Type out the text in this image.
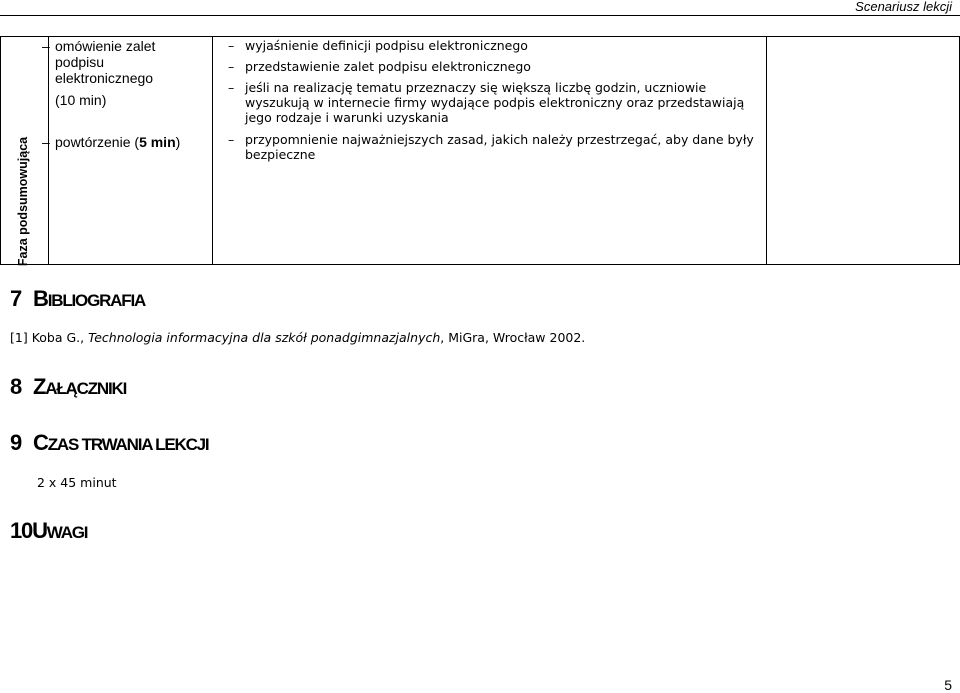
Scenariusz lekcji
Faza podsumowująca
– omówienie zalet podpisu elektronicznego
(10 min)
– wyjaśnienie definicji podpisu elektronicznego
– przedstawienie zalet podpisu elektronicznego
– jeśli na realizację tematu przeznaczy się większą liczbę godzin, uczniowie wyszukują w internecie firmy wydające podpis elektroniczny oraz przedstawiają jego rodzaje i warunki uzyskania
– powtórzenie (5 min)	– przypomnienie najważniejszych zasad, jakich należy przestrzegać, aby dane były bezpieczne
7 BIBLIOGRAFIA
[1] Koba G., Technologia informacyjna dla szkół ponadgimnazjalnych, MiGra, Wrocław 2002.
8 ZAŁĄCZNIKI
9 CZAS TRWANIA LEKCJI
2 x 45 minut
10UWAGI
5
